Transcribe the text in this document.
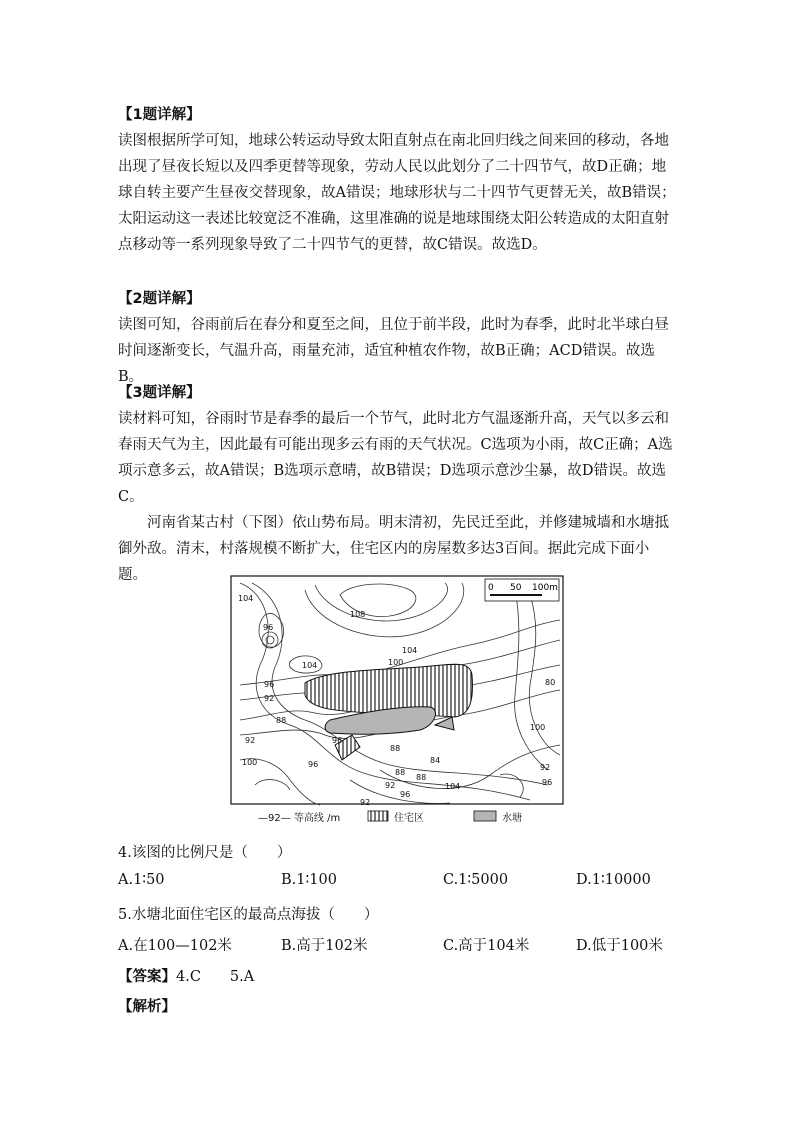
【1题详解】

读图根据所学可知，地球公转运动导致太阳直射点在南北回归线之间来回的移动，各地出现了昼夜长短以及四季更替等现象，劳动人民以此划分了二十四节气，故D正确；地球自转主要产生昼夜交替现象，故A错误；地球形状与二十四节气更替无关，故B错误；太阳运动这一表述比较宽泛不准确，这里准确的说是地球围绕太阳公转造成的太阳直射点移动等一系列现象导致了二十四节气的更替，故C错误。故选D。

【2题详解】

读图可知，谷雨前后在春分和夏至之间，且位于前半段，此时为春季，此时北半球白昼时间逐渐变长，气温升高，雨量充沛，适宜种植农作物，故B正确；ACD错误。故选B。

【3题详解】

读材料可知，谷雨时节是春季的最后一个节气，此时北方气温逐渐升高，天气以多云和春雨天气为主，因此最有可能出现多云有雨的天气状况。C选项为小雨，故C正确；A选项示意多云，故A错误；B选项示意晴，故B错误；D选项示意沙尘暴，故D错误。故选C。

河南省某古村（下图）依山势布局。明末清初，先民迁至此，并修建城墙和水塘抵御外敌。清末，村落规模不断扩大，住宅区内的房屋数多达3百间。据此完成下面小题。

0 50 100m
104
108
96
104
100
104
96
92
88
80
92
100	96
88
84
88
92
96
104
92
96
100
96
88
92
—92— 等高线 /m	住宅区	水塘

4.该图的比例尺是（　　）

A.1∶50	B.1∶100	C.1∶5000	D.1∶10000

5.水塘北面住宅区的最高点海拔（　　）

A.在100—102米	B.高于102米	C.高于104米	D.低于100米
【答案】4.C　　5.A
【解析】
